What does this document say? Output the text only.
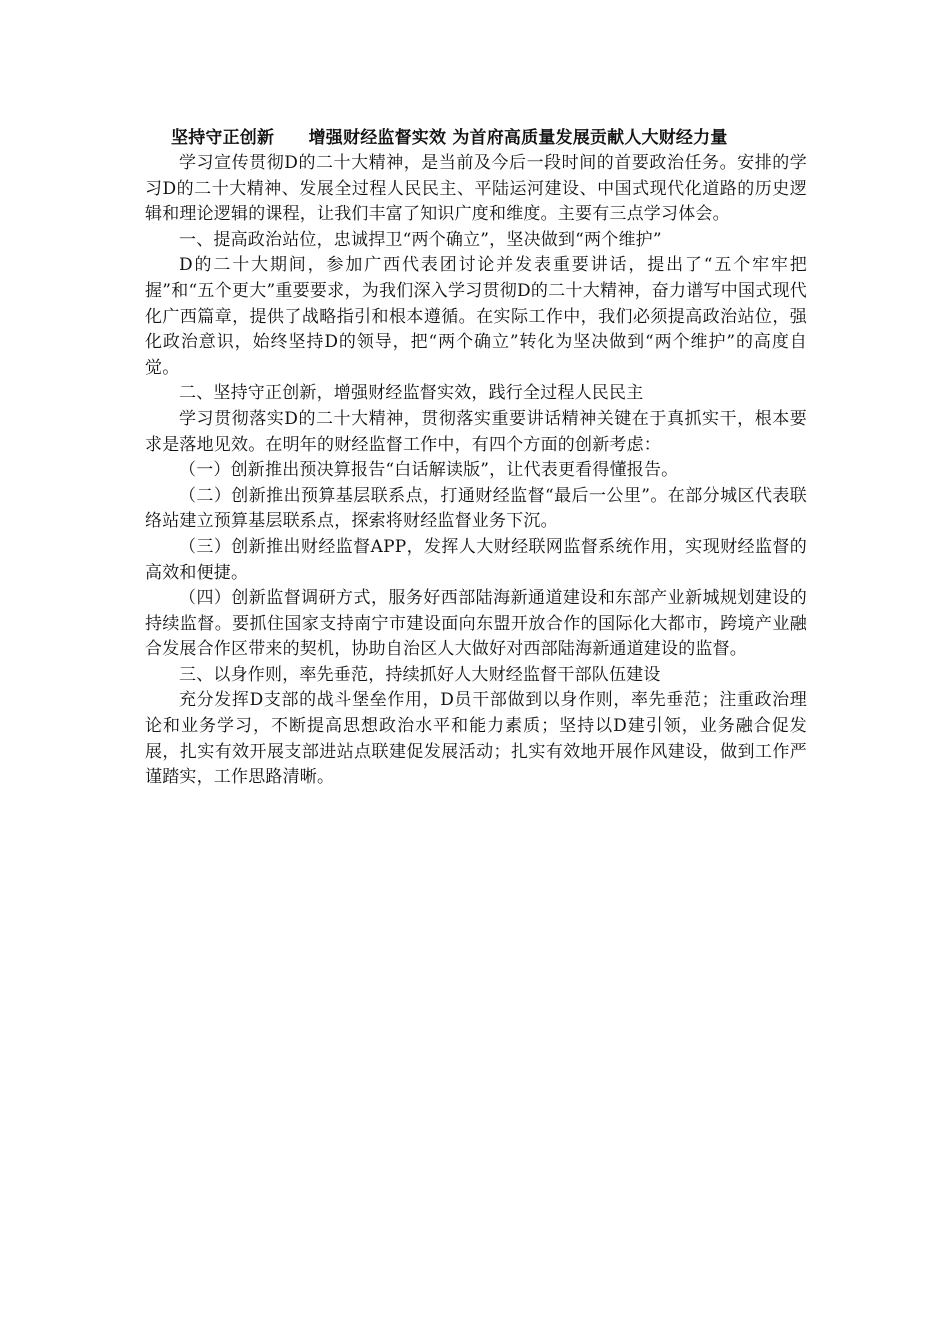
坚持守正创新　　增强财经监督实效 为首府高质量发展贡献人大财经力量

学习宣传贯彻D的二十大精神，是当前及今后一段时间的首要政治任务。安排的学习D的二十大精神、发展全过程人民民主、平陆运河建设、中国式现代化道路的历史逻辑和理论逻辑的课程，让我们丰富了知识广度和维度。主要有三点学习体会。

一、提高政治站位，忠诚捍卫“两个确立”，坚决做到“两个维护”

D的二十大期间，参加广西代表团讨论并发表重要讲话，提出了“五个牢牢把握”和“五个更大”重要要求，为我们深入学习贯彻D的二十大精神，奋力谱写中国式现代化广西篇章，提供了战略指引和根本遵循。在实际工作中，我们必须提高政治站位，强化政治意识，始终坚持D的领导，把“两个确立”转化为坚决做到“两个维护”的高度自觉。

二、坚持守正创新，增强财经监督实效，践行全过程人民民主

学习贯彻落实D的二十大精神，贯彻落实重要讲话精神关键在于真抓实干，根本要求是落地见效。在明年的财经监督工作中，有四个方面的创新考虑：

（一）创新推出预决算报告“白话解读版”，让代表更看得懂报告。

（二）创新推出预算基层联系点，打通财经监督“最后一公里”。在部分城区代表联络站建立预算基层联系点，探索将财经监督业务下沉。

（三）创新推出财经监督APP，发挥人大财经联网监督系统作用，实现财经监督的高效和便捷。

（四）创新监督调研方式，服务好西部陆海新通道建设和东部产业新城规划建设的持续监督。要抓住国家支持南宁市建设面向东盟开放合作的国际化大都市，跨境产业融合发展合作区带来的契机，协助自治区人大做好对西部陆海新通道建设的监督。

三、以身作则，率先垂范，持续抓好人大财经监督干部队伍建设

充分发挥D支部的战斗堡垒作用，D员干部做到以身作则，率先垂范；注重政治理论和业务学习，不断提高思想政治水平和能力素质；坚持以D建引领，业务融合促发展，扎实有效开展支部进站点联建促发展活动；扎实有效地开展作风建设，做到工作严谨踏实，工作思路清晰。
